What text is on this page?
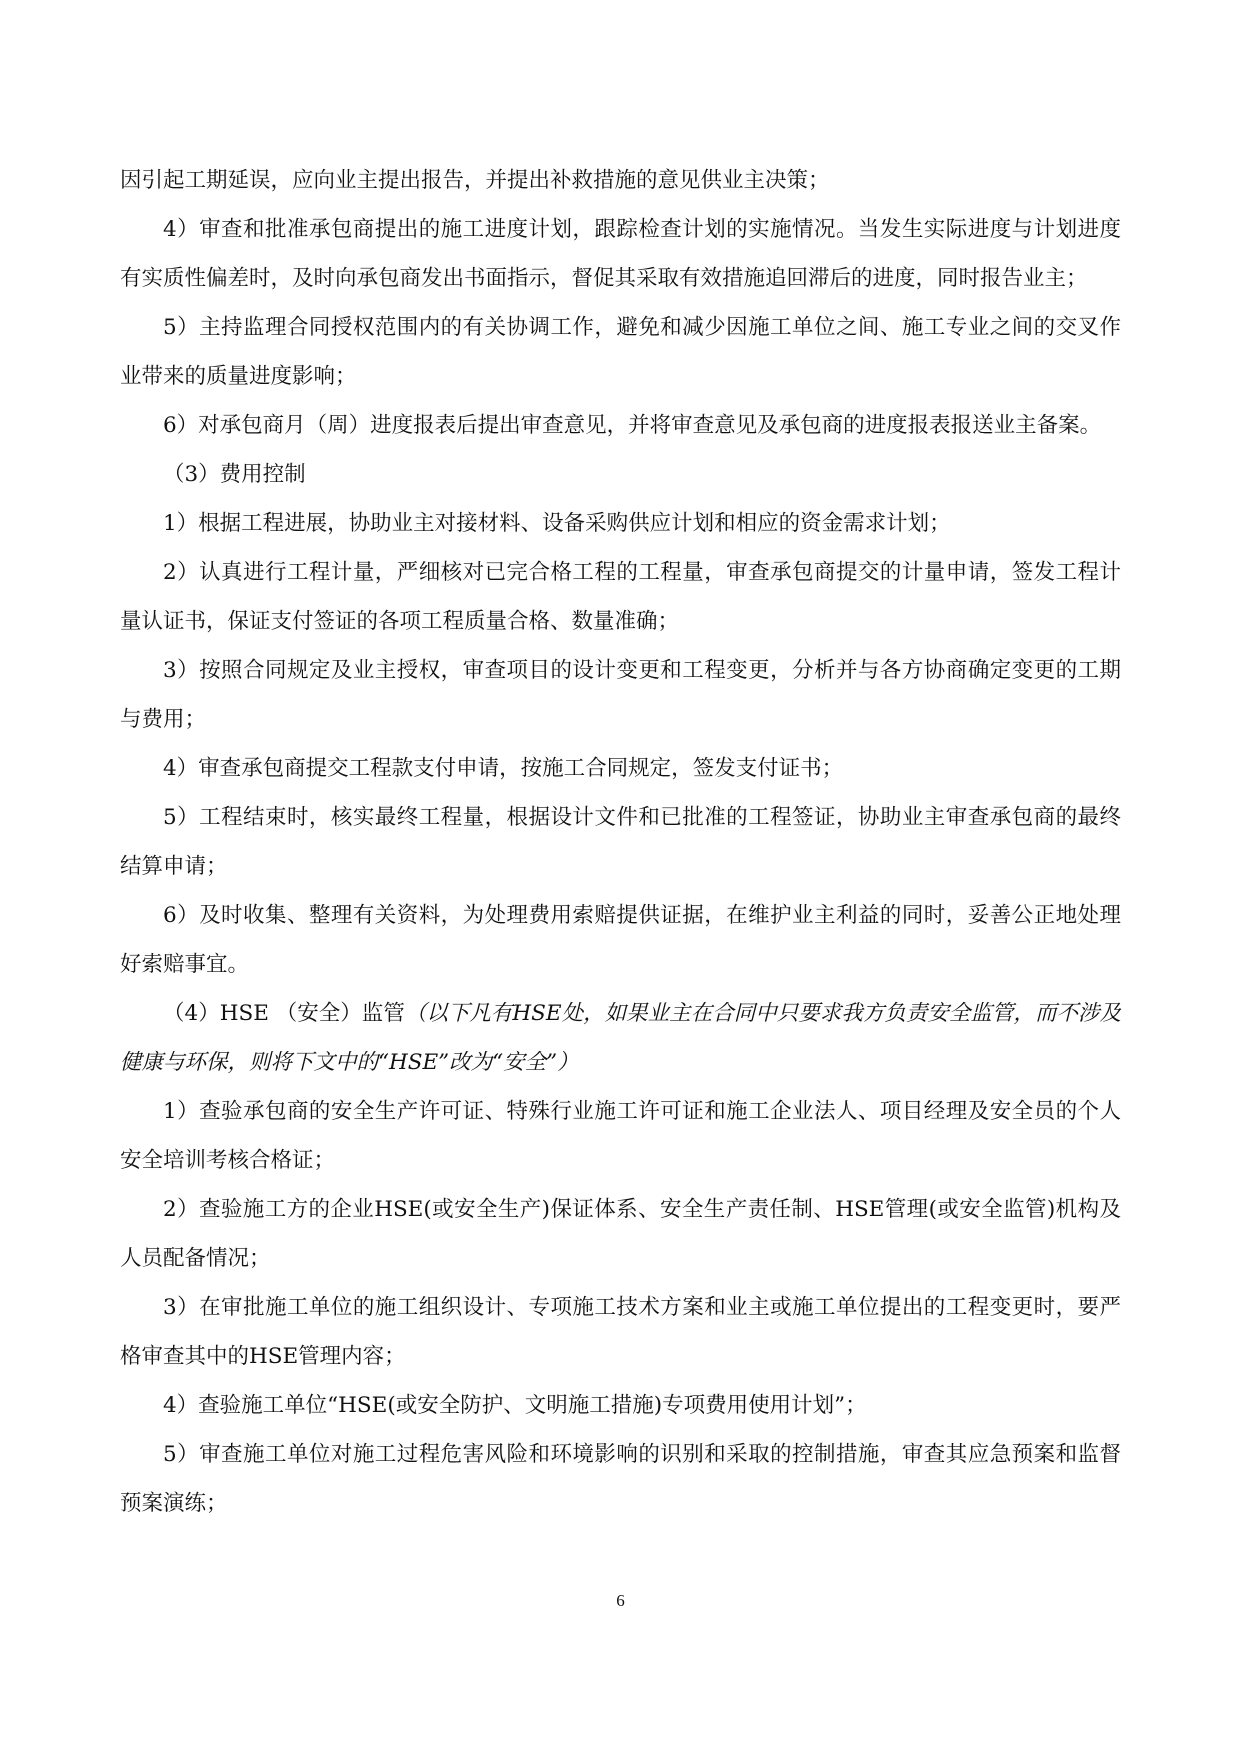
因引起工期延误，应向业主提出报告，并提出补救措施的意见供业主决策；

4）审查和批准承包商提出的施工进度计划，跟踪检查计划的实施情况。当发生实际进度与计划进度有实质性偏差时，及时向承包商发出书面指示，督促其采取有效措施追回滞后的进度，同时报告业主；

5）主持监理合同授权范围内的有关协调工作，避免和减少因施工单位之间、施工专业之间的交叉作业带来的质量进度影响；

6）对承包商月（周）进度报表后提出审查意见，并将审查意见及承包商的进度报表报送业主备案。

（3）费用控制

1）根据工程进展，协助业主对接材料、设备采购供应计划和相应的资金需求计划；

2）认真进行工程计量，严细核对已完合格工程的工程量，审查承包商提交的计量申请，签发工程计量认证书，保证支付签证的各项工程质量合格、数量准确；

3）按照合同规定及业主授权，审查项目的设计变更和工程变更，分析并与各方协商确定变更的工期与费用；

4）审查承包商提交工程款支付申请，按施工合同规定，签发支付证书；

5）工程结束时，核实最终工程量，根据设计文件和已批准的工程签证，协助业主审查承包商的最终结算申请；

6）及时收集、整理有关资料，为处理费用索赔提供证据，在维护业主利益的同时，妥善公正地处理好索赔事宜。

（4）HSE （安全）监管（以下凡有HSE处，如果业主在合同中只要求我方负责安全监管，而不涉及健康与环保，则将下文中的“HSE”改为“安全”）

1）查验承包商的安全生产许可证、特殊行业施工许可证和施工企业法人、项目经理及安全员的个人安全培训考核合格证；

2）查验施工方的企业HSE(或安全生产)保证体系、安全生产责任制、HSE管理(或安全监管)机构及人员配备情况；

3）在审批施工单位的施工组织设计、专项施工技术方案和业主或施工单位提出的工程变更时，要严格审查其中的HSE管理内容；

4）查验施工单位“HSE(或安全防护、文明施工措施)专项费用使用计划”；

5）审查施工单位对施工过程危害风险和环境影响的识别和采取的控制措施，审查其应急预案和监督预案演练；

6
